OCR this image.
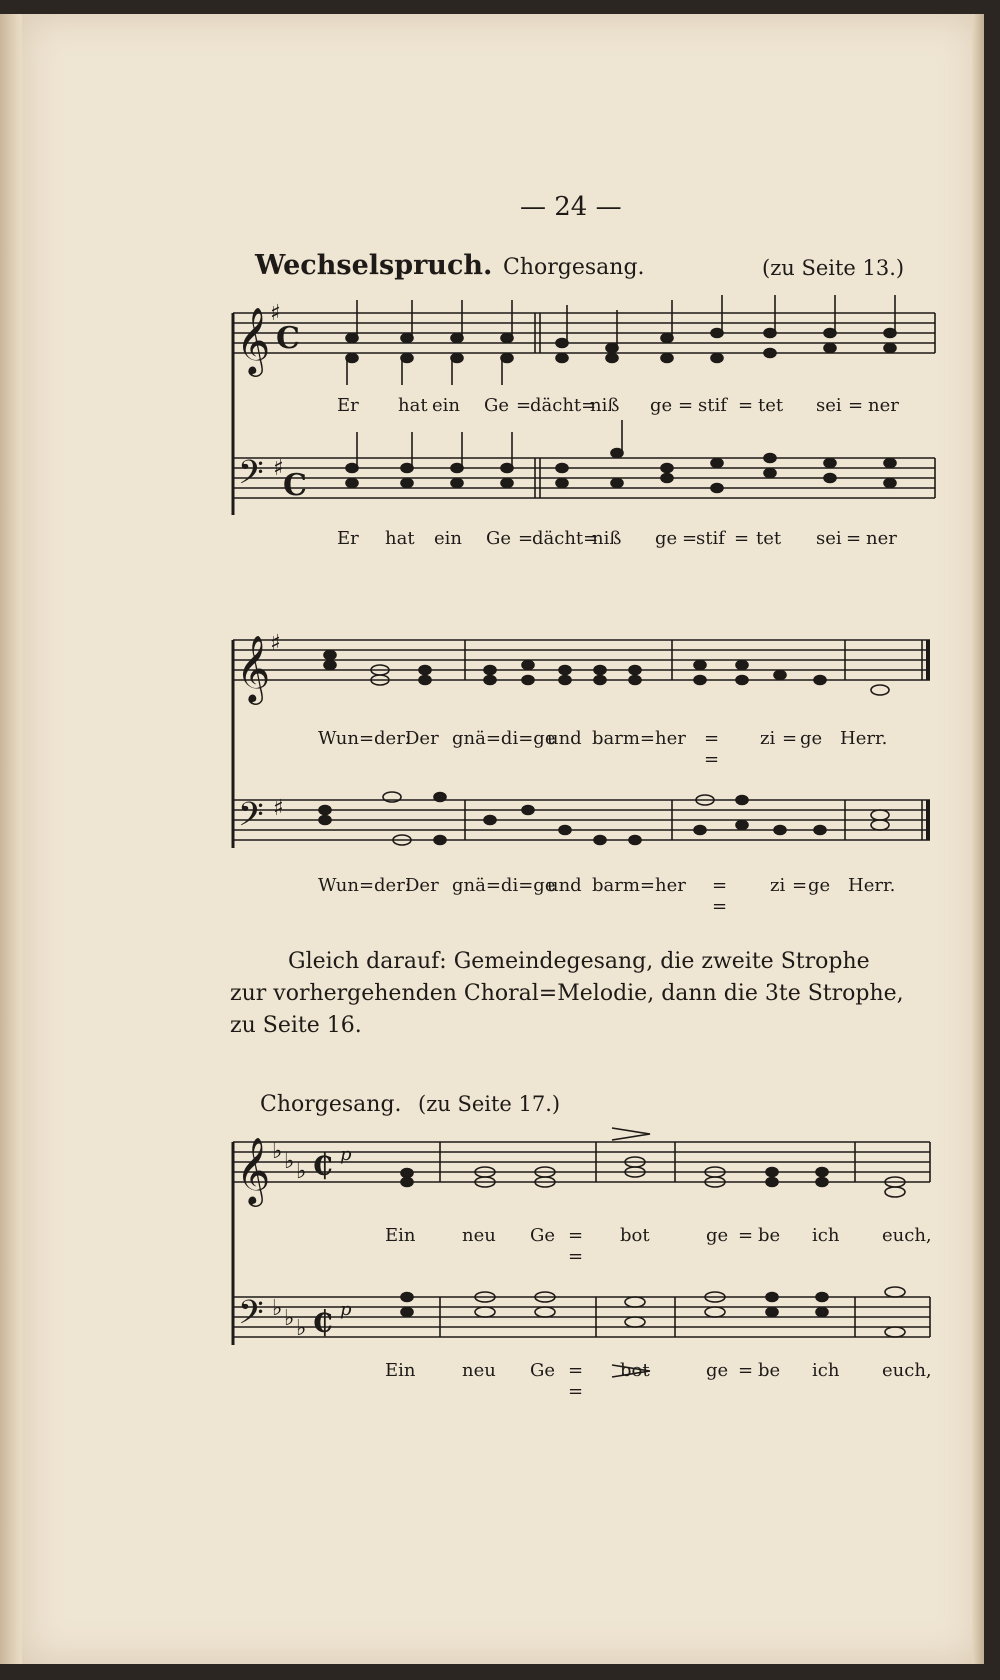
— 24 —
Wechselspruch. Chorgesang.	(zu Seite 13.)
𝄞 ♯
C
𝄢 ♯ C
𝄞 ♯
𝄢 ♯
𝄞 ♭ ♭ ♭ ₵ p
𝄢 ♭ ♭ ♭ ₵ p
Er hat ein Ge =
dächt=
niß ge = stif = tet sei = ner
Er hat ein Ge =
dächt=
niß ge =
stif = tet sei = ner
Wun=der:
Der gnä=di=ge
und barm=her = =
zi = ge Herr.
Wun=der:
Der gnä=di=ge
und barm=her = =
zi = ge Herr.
Gleich darauf: Gemeindegesang, die zweite Strophe
zur vorhergehenden Choral=Melodie, dann die 3te Strophe,
zu Seite 16.
Chorgesang. (zu Seite 17.)
Ein	neu Ge = =
bot	ge = be ich euch,
Ein	neu Ge = =
bot	ge = be ich euch,
